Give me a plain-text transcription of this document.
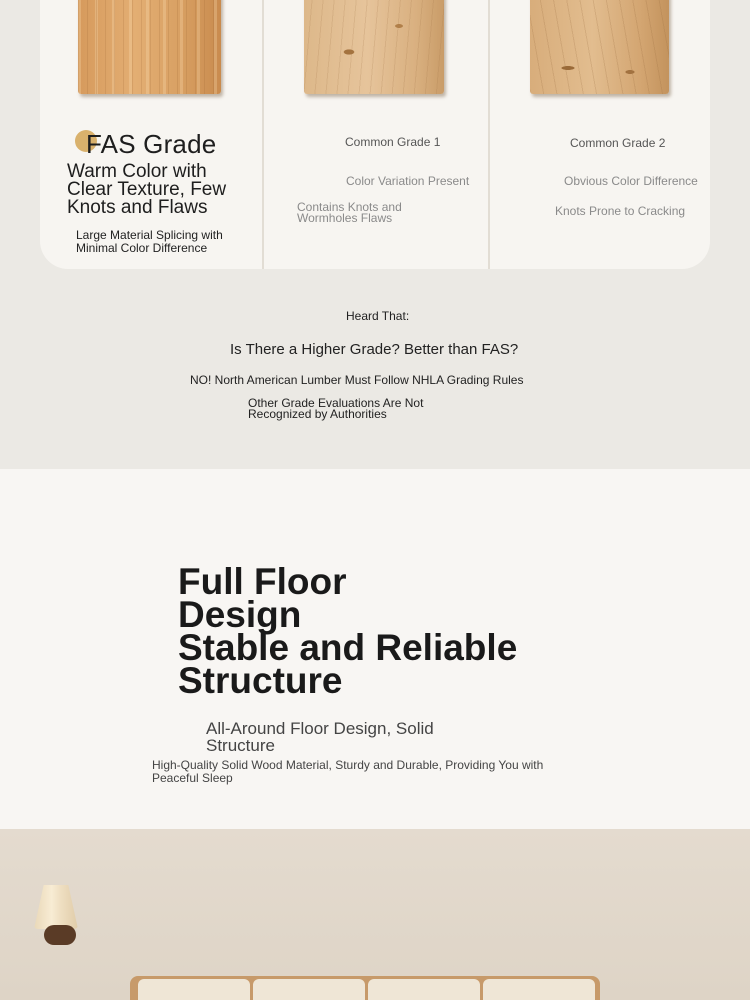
FAS Grade
Warm Color with Clear Texture, Few Knots and Flaws
Large Material Splicing with Minimal Color Difference
Common Grade 1
Color Variation Present
Contains Knots and Wormholes Flaws
Common Grade 2
Obvious Color Difference
Knots Prone to Cracking
Heard That:
Is There a Higher Grade? Better than FAS?
NO! North American Lumber Must Follow NHLA Grading Rules
Other Grade Evaluations Are Not
Recognized by Authorities
Full Floor
Design
Stable and Reliable
Structure
All-Around Floor Design, Solid Structure
High-Quality Solid Wood Material, Sturdy and Durable, Providing You with Peaceful Sleep
